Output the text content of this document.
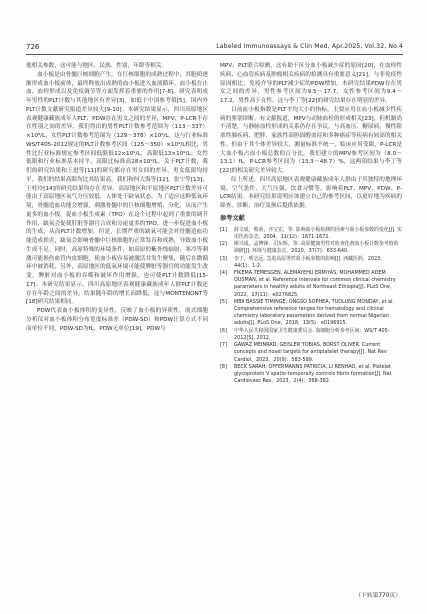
726	Labeled Immunoassays & Clin Med, Apr.2025, Vol.32, No.4

他相关参数，这可能与地区、民族、性别、年龄等相关。

血小板是由骨髓巨核细胞产生，在巨核细胞的成熟过程中，其胞质逐渐形成血小板前体，最终释放出成熟的血小板进入血液循环。血小板在止血、血栓形成以及免疫调节等方面发挥着重要的作用[7-8]。研究表明成年男性的PLT计数与其他地区有差异[3]，如低于中国参考值[5]，国内外PLT计数文献研究报道差异较大[9-10]。本研究结果显示，四川高原地区表观健康藏族成年人PLT、PDW存在男女之间的差异，MPV、P-LCR不存在性别之间的差异。我们得出的男性PLT计数参考范围为（113～337）×10⁹/L，女性PLT计数参考范围为（129～378）×10⁹/L。这与行业标准WS/T405-2012规定的PLT计数参考区间（125～350）×10⁹/L相比，男性比行业标准规定参考区间低限低12×10⁹/L，高限低13×10⁹/L；女性低限和行业标准基本持平，高限比标准高28×10⁹/L。关于PLT计数，我们的研究结果和王进等[11]的研究都存在男女间的差异，男女低限均持平，我们的结果高限均比其结果高。我们和何大海等[12]、张宁等[13]、王桂玲[14]的研究结果均存在差异。高原地区和平原地区PLT计数差异可能由于高原地区氧气分压较低，人体处于缺氧状态。为了适应这种低氧环境，骨髓造血功能会增强，刺激骨髓中的巨核细胞增殖、分化，从而产生更多的血小板。促血小板生成素（TPO）在这个过程中起到了重要的调节作用，缺氧会促使肝脏等器官合成和分泌更多的TPO，进一步促进血小板的生成，从而PLT计数增加。但是，长期严重的缺氧可能会对骨髓造血功能造成损害，缺氧会影响骨髓中巨核细胞的正常发育和成熟，导致血小板生成不足。同时，高原特殊的环境条件，如高原的紫外线辐射、寒冷等刺激可能损伤血管内皮细胞，使血小板容易被激活并发生聚集，随后在微循环中被消耗，另外，高原地区的低氧环境可能使脾脏等器官的功能发生改变，脾脏对血小板的吞噬和破坏作用增强，也可使PLT计数降低[15-17]。本研究结果显示，四川高原地区表观健康藏族成年人群PLT计数还存在年龄之间的差异，结果随年龄的增长而降低，这与MONTENONT等[18]研究结果相同。

PDW代表血小板体积的变异性，反映了血小板的异质性。流式细胞分析仪对血小板体积分布宽度标准差（PDW-SD）和PDW计算方式不同而单位不同，PDW-SD为fL，PDW无单位[19]。PDW与

MPV、PLT联合检测，这有助于区分血小板减少症的原因[20]，在血栓性疾病、心血管疾病及肿瘤相关疾病的检测具有重要意义[21]。与非免疫性原因相比，免疫介导的PLT减少症的PDW增加。本研究结果PDW存在男女之间的差异，男性参考区间为9.5～17.7，女性参考区间为9.4～17.2，男性高于女性。这与李丁等[22]的研究结果存在明显的差异。

目前血小板指数是PLT平均大小的指标，主要应用在血小板减少性疾病的鉴别诊断。有文献报道，MPV与动脉血栓的形成相关[23]，但机制尚不清楚，与静脉血栓形成的关系仍存在争议，与高血压、糖尿病、慢性阻塞性肺疾病、肥胖、家族性高胆固醇血症和多种癌症等疾病有较高的相关性。但由于其个体差异较大，测量标准不统一，临床应用受限，P-LCR是大血小板占血小板总数的百分比。我们建立的MPV参考区间为（8.0～13.1）fL，P-LCR参考区间为（13.3～48.7）%，这两项结果与李丁等[22]的相关研究差异较大。

综上所述，四川高原地区表观健康藏族成年人群由于其独特的地理环境、空气条件、大气压强、饮食习惯等，影响着PLT、MPV、PDW、P-LCR结果。本研究结果说明应该建立自己的参考区间，以更好地为疾病的筛查、诊断、治疗及预后提供依据。

参考文献
[1] 薛文成，蔡茵，齐宝宏，等. 影响血小板检测的因素与血小板参数的变化[J]. 实用医药杂志，2004，11(12)：1671-1672.
[2] 斯兴成，孟博锋，司东辉，等. 高原健康男性对检查化剂血小板计数参考值的调研[J]. 环境与健康杂志，2020，37(7)：633-640.
[3] 李丁，明志远. 急进高原男性血小板参数的影响[J]. 西藏医药，2023，44(1)：1-2.
[4] FIKEMA TEMESGEN, ALEMAYEHU ERMIYAS, MOHAMMED ADEM OUSMAN, et al. Reference intervals for common clinical chemistry parameters in healthy adults of Northeast Ethiopia[J]. PLoS One，2022，17(11)：e0276825.
[5] MBII BASSIE TIMINGE, ONGSO SOPHEA, TUOLUNG MONDAY, et al. Comprehensive reference ranges for hematology and clinical chemistry laboratory parameters derived from normal Nigerian adults[J]. PLoS One，2018，13(5)：e0196915.
[6] 中华人民共和国国家卫生健康委员会. 血细胞分析参考区间：WS/T 405-2012[S]. 2012.
[7] GAWAZ MEINRAD, GEISLER TOBIAS, BORST OLIVER. Current concepts and novel targets for antiplatelet therapy[J]. Nat Rev Cardiol，2023，20(9)：583-599.
[8] BECK SARAH, OFFERMANNS PATRICIA, LI RENHAO, et al. Platelet glycoprotein V spatio-temporally controls fibrin formation[J]. Nat Cardiovasc Res，2023，2(4)：368-382.
（下转第770页）
